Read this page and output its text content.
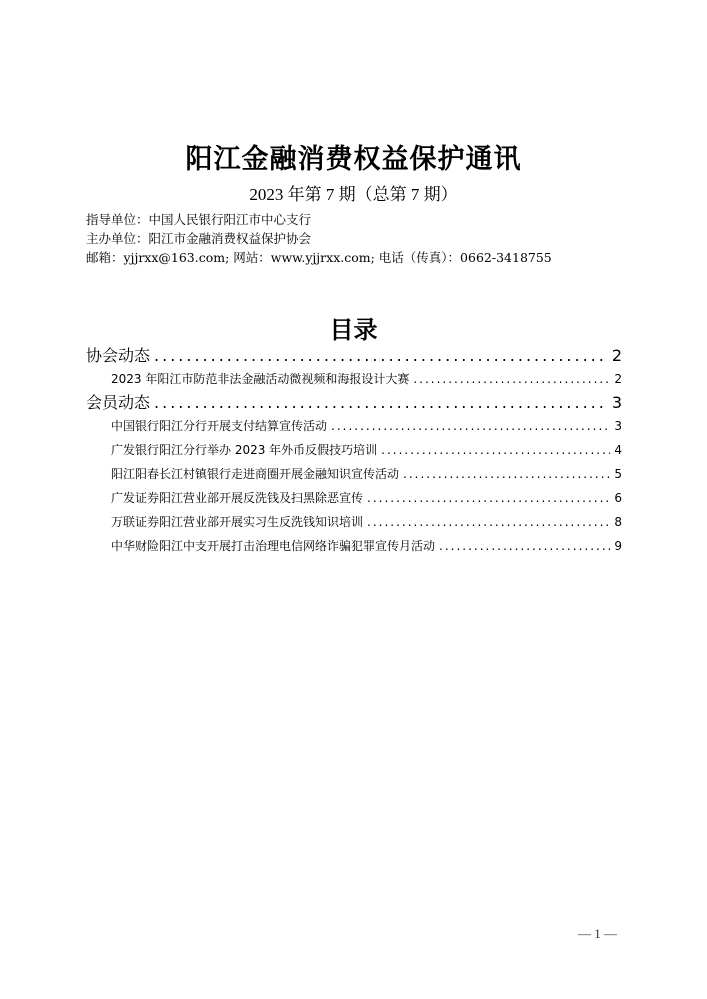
阳江金融消费权益保护通讯
2023 年第 7 期（总第 7 期）
指导单位：中国人民银行阳江市中心支行
主办单位：阳江市金融消费权益保护协会
邮箱：yjjrxx@163.com; 网站：www.yjjrxx.com; 电话（传真）：0662-3418755
目录
协会动态 .....	2
2023 年阳江市防范非法金融活动微视频和海报设计大赛 .....	2
会员动态 .....	3
中国银行阳江分行开展支付结算宣传活动 .....	3
广发银行阳江分行举办 2023 年外币反假技巧培训 .....	4
阳江阳春长江村镇银行走进商圈开展金融知识宣传活动 .....	5
广发证券阳江营业部开展反洗钱及扫黑除恶宣传 .....	6
万联证券阳江营业部开展实习生反洗钱知识培训 .....	8
中华财险阳江中支开展打击治理电信网络诈骗犯罪宣传月活动 .....	9
— 1 —
